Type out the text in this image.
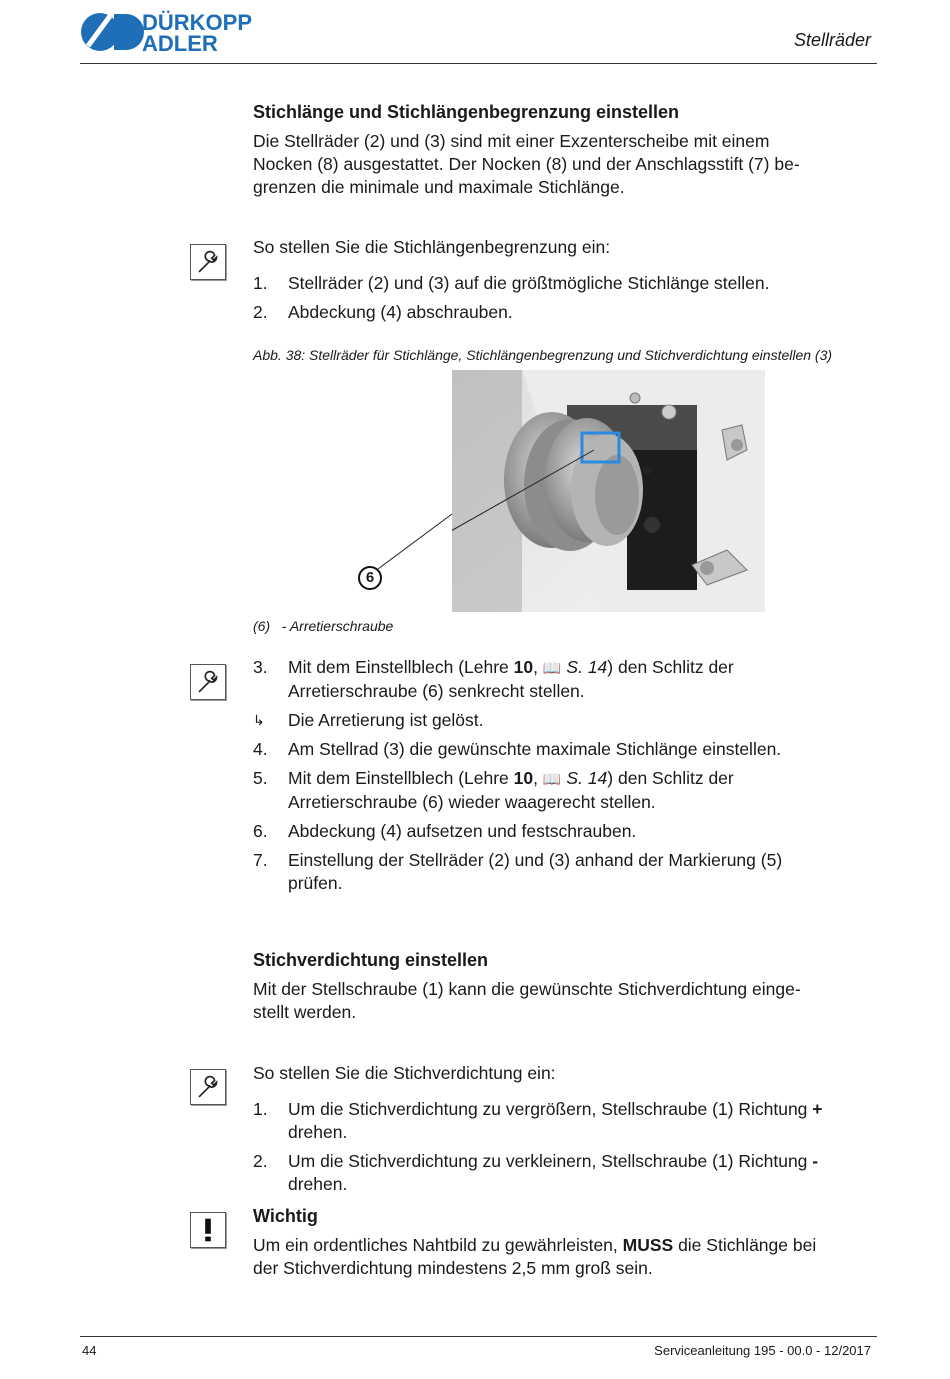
DÜRKOPP
ADLER	Stellräder
Stichlänge und Stichlängenbegrenzung einstellen
Die Stellräder (2) und (3) sind mit einer Exzenterscheibe mit einem
Nocken (8) ausgestattet. Der Nocken (8) und der Anschlagsstift (7) be-
grenzen die minimale und maximale Stichlänge.
So stellen Sie die Stichlängenbegrenzung ein:
1. Stellräder (2) und (3) auf die größtmögliche Stichlänge stellen.
2. Abdeckung (4) abschrauben.
Abb. 38: Stellräder für Stichlänge, Stichlängenbegrenzung und Stichverdichtung einstellen (3)
6
(6) - Arretierschraube
3. Mit dem Einstellblech (Lehre 10, 📖 S. 14) den Schlitz der
Arretierschraube (6) senkrecht stellen.
↳ Die Arretierung ist gelöst.
4. Am Stellrad (3) die gewünschte maximale Stichlänge einstellen.
5. Mit dem Einstellblech (Lehre 10, 📖 S. 14) den Schlitz der
Arretierschraube (6) wieder waagerecht stellen.
6. Abdeckung (4) aufsetzen und festschrauben.
7. Einstellung der Stellräder (2) und (3) anhand der Markierung (5)
prüfen.
Stichverdichtung einstellen
Mit der Stellschraube (1) kann die gewünschte Stichverdichtung einge-
stellt werden.
So stellen Sie die Stichverdichtung ein:
1. Um die Stichverdichtung zu vergrößern, Stellschraube (1) Richtung +
drehen.
2. Um die Stichverdichtung zu verkleinern, Stellschraube (1) Richtung -
drehen.
Wichtig
Um ein ordentliches Nahtbild zu gewährleisten, MUSS die Stichlänge bei
der Stichverdichtung mindestens 2,5 mm groß sein.
44	Serviceanleitung 195 - 00.0 - 12/2017
